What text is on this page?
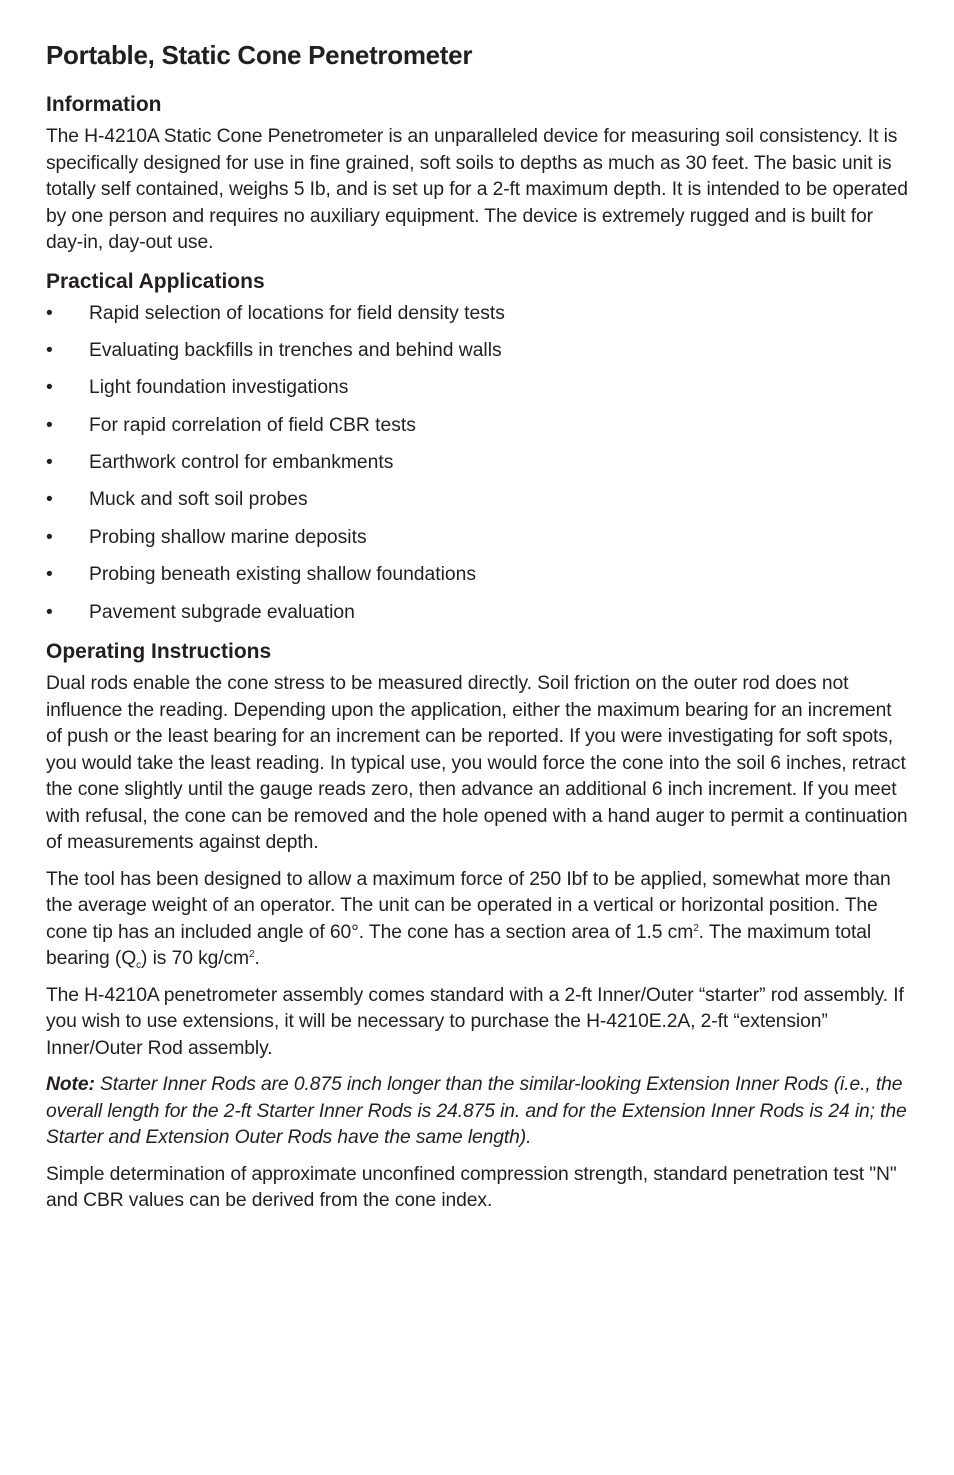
Portable, Static Cone Penetrometer
Information

The H-4210A Static Cone Penetrometer is an unparalleled device for measuring soil consistency. It is specifically designed for use in fine grained, soft soils to depths as much as 30 feet. The basic unit is totally self contained, weighs 5 Ib, and is set up for a 2-ft maximum depth. It is intended to be operated by one person and requires no auxiliary equipment. The device is extremely rugged and is built for day-in, day-out use.

Practical Applications
• Rapid selection of locations for field density tests
• Evaluating backfills in trenches and behind walls
• Light foundation investigations
• For rapid correlation of field CBR tests
• Earthwork control for embankments
• Muck and soft soil probes
• Probing shallow marine deposits
• Probing beneath existing shallow foundations
• Pavement subgrade evaluation
Operating Instructions

Dual rods enable the cone stress to be measured directly. Soil friction on the outer rod does not influence the reading. Depending upon the application, either the maximum bearing for an increment of push or the least bearing for an increment can be reported. If you were investigating for soft spots, you would take the least reading. In typical use, you would force the cone into the soil 6 inches, retract the cone slightly until the gauge reads zero, then advance an additional 6 inch increment. If you meet with refusal, the cone can be removed and the hole opened with a hand auger to permit a continuation of measurements against depth.

The tool has been designed to allow a maximum force of 250 Ibf to be applied, somewhat more than the average weight of an operator. The unit can be operated in a vertical or horizontal position. The cone tip has an included angle of 60°. The cone has a section area of 1.5 $cm^2$. The maximum total bearing $(Q_c)$ is 70 $kg/cm^2$.

The H-4210A penetrometer assembly comes standard with a 2-ft Inner/Outer “starter” rod assembly. If you wish to use extensions, it will be necessary to purchase the H-4210E.2A, 2-ft “extension” Inner/Outer Rod assembly.

Note: Starter Inner Rods are 0.875 inch longer than the similar-looking Extension Inner Rods (i.e., the overall length for the 2-ft Starter Inner Rods is 24.875 in. and for the Extension Inner Rods is 24 in; the Starter and Extension Outer Rods have the same length).

Simple determination of approximate unconfined compression strength, standard penetration test "N" and CBR values can be derived from the cone index.
